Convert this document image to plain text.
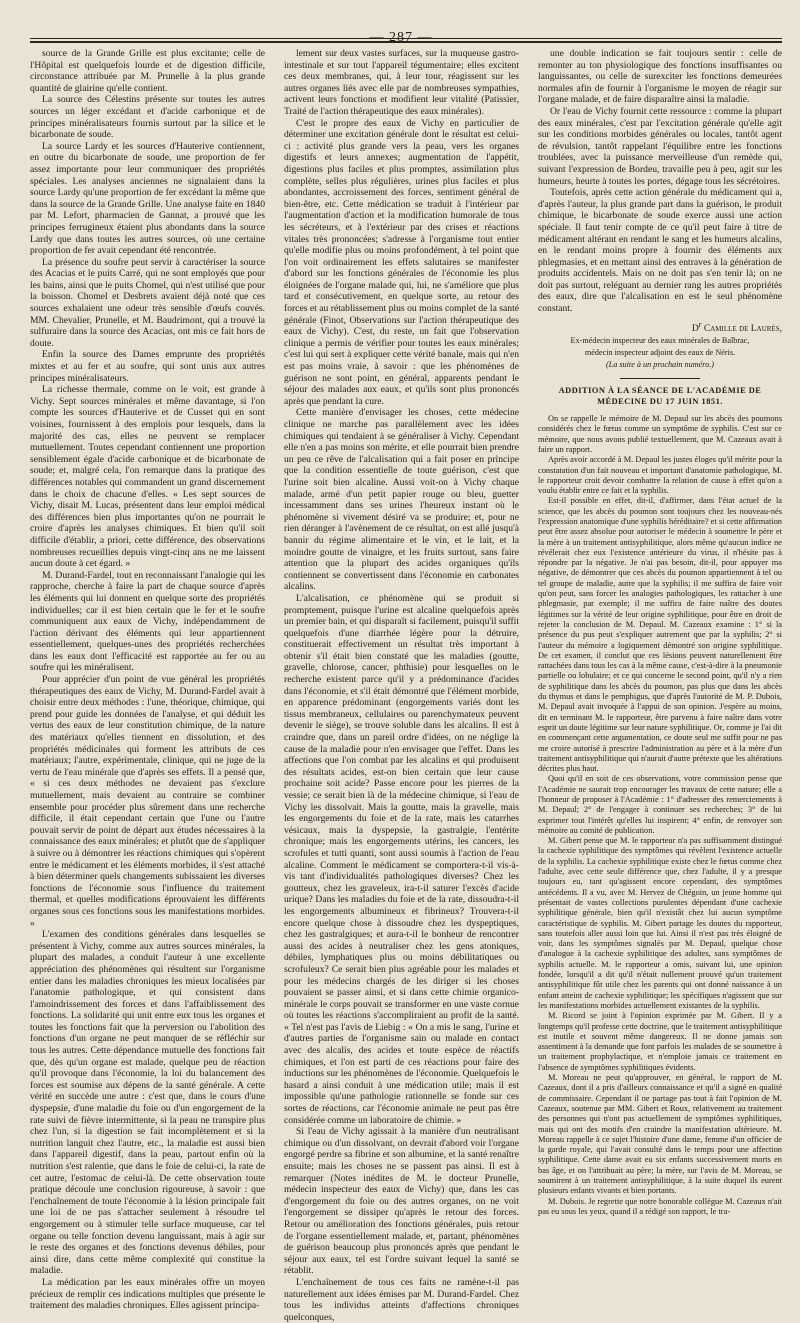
— 287 —

source de la Grande Grille est plus excitante; celle de l'Hôpital est quelquefois lourde et de digestion difficile, circonstance attribuée par M. Prunelle à la plus grande quantité de glairine qu'elle contient.

La source des Célestins présente sur toutes les autres sources un léger excédant et d'acide carbonique et de principes minéralisateurs fournis surtout par la silice et le bicarbonate de soude.

La source Lardy et les sources d'Hauterive contiennent, en outre du bicarbonate de soude, une proportion de fer assez importante pour leur communiquer des propriétés spéciales. Les analyses anciennes ne signalaient dans la source Lardy qu'une proportion de fer excédant la même que dans la source de la Grande Grille. Une analyse faite en 1840 par M. Lefort, pharmacien de Gannat, a prouvé que les principes ferrugineux étaient plus abondants dans la source Lardy que dans toutes les autres sources, où une certaine proportion de fer avait cependant été rencontrée.

La présence du soufre peut servir à caractériser la source des Acacias et le puits Carré, qui ne sont employés que pour les bains, ainsi que le puits Chomel, qui n'est utilisé que pour la boisson. Chomel et Desbrets avaient déjà noté que ces sources exhalaient une odeur très sensible d'œufs couvés. MM. Chevalier, Prunelle, et M. Baudrimont, qui a trouvé la sulfuraire dans la source des Acacias, ont mis ce fait hors de doute.

Enfin la source des Dames emprunte des propriétés mixtes et au fer et au soufre, qui sont unis aux autres principes minéralisateurs.

La richesse thermale, comme on le voit, est grande à Vichy. Sept sources minérales et même davantage, si l'on compte les sources d'Hauterive et de Cusset qui en sont voisines, fournissent à des emplois pour lesquels, dans la majorité des cas, elles ne peuvent se remplacer mutuellement. Toutes cependant contiennent une proportion sensiblement égale d'acide carbonique et de bicarbonate de soude; et, malgré cela, l'on remarque dans la pratique des différences notables qui commandent un grand discernement dans le choix de chacune d'elles. « Les sept sources de Vichy, disait M. Lucas, présentent dans leur emploi médical des différences bien plus importantes qu'on ne pourrait le croire d'après les analyses chimiques. Et bien qu'il soit difficile d'établir, a priori, cette différence, des observations nombreuses recueillies depuis vingt-cinq ans ne me laissent aucun doute à cet égard. »

M. Durand-Fardel, tout en reconnaissant l'analogie qui les rapproche, cherche à faire la part de chaque source d'après les éléments qui lui donnent en quelque sorte des propriétés individuelles; car il est bien certain que le fer et le soufre communiquent aux eaux de Vichy, indépendamment de l'action dérivant des éléments qui leur appartiennent essentiellement, quelques-unes des propriétés recherchées dans les eaux dont l'efficacité est rapportée au fer ou au soufre qui les minéralisent.

Pour apprécier d'un point de vue général les propriétés thérapeutiques des eaux de Vichy, M. Durand-Fardel avait à choisir entre deux méthodes : l'une, théorique, chimique, qui prend pour guide les données de l'analyse, et qui déduit les vertus des eaux de leur constitution chimique, de la nature des matériaux qu'elles tiennent en dissolution, et des propriétés médicinales qui forment les attributs de ces matériaux; l'autre, expérimentale, clinique, qui ne juge de la vertu de l'eau minérale que d'après ses effets. Il a pensé que, « si ces deux méthodes ne devaient pas s'exclure mutuellement, mais devaient au contraire se combiner ensemble pour procéder plus sûrement dans une recherche difficile, il était cependant certain que l'une ou l'autre pouvait servir de point de départ aux études nécessaires à la connaissance des eaux minérales; et plutôt que de s'appliquer à suivre ou à démontrer les réactions chimiques qui s'opèrent entre le médicament et les éléments morbides, il s'est attaché à bien déterminer quels changements subissaient les diverses fonctions de l'économie sous l'influence du traitement thermal, et quelles modifications éprouvaient les différents organes sous ces fonctions sous les manifestations morbides. »

L'examen des conditions générales dans lesquelles se présentent à Vichy, comme aux autres sources minérales, la plupart des malades, a conduit l'auteur à une excellente appréciation des phénomènes qui résultent sur l'organisme entier dans les maladies chroniques les mieux localisées par l'anatomie pathologique, et qui consistent dans l'amoindrissement des forces et dans l'affaiblissement des fonctions. La solidarité qui unit entre eux tous les organes et toutes les fonctions fait que la perversion ou l'abolition des fonctions d'un organe ne peut manquer de se réfléchir sur tous les autres. Cette dépendance mutuelle des fonctions fait que, dès qu'un organe est malade, quelque peu de réaction qu'il provoque dans l'économie, la loi du balancement des forces est soumise aux dépens de la santé générale. A cette vérité en succède une autre : c'est que, dans le cours d'une dyspepsie, d'une maladie du foie ou d'un engorgement de la rate suivi de fièvre intermittente, si la peau ne transpire plus chez l'un, si la digestion se fait incomplètement et si la nutrition languit chez l'autre, etc., la maladie est aussi bien dans l'appareil digestif, dans la peau, partout enfin où la nutrition s'est ralentie, que dans le foie de celui-ci, la rate de cet autre, l'estomac de celui-là. De cette observation toute pratique découle une conclusion rigoureuse, à savoir : que l'enchaînement de toute l'économie à la lésion principale fait une loi de ne pas s'attacher seulement à résoudre tel engorgement ou à stimuler telle surface muqueuse, car tel organe ou telle fonction devenu languissant, mais à agir sur le reste des organes et des fonctions devenus débiles, pour ainsi dire, dans cette même complexité qui constitue la maladie.

La médication par les eaux minérales offre un moyen précieux de remplir ces indications multiples que présente le traitement des maladies chroniques. Elles agissent principa-

lement sur deux vastes surfaces, sur la muqueuse gastro-intestinale et sur tout l'appareil tégumentaire; elles excitent ces deux membranes, qui, à leur tour, réagissent sur les autres organes liés avec elle par de nombreuses sympathies, activent leurs fonctions et modifient leur vitalité (Patissier, Traité de l'action thérapeutique des eaux minérales).

C'est le propre des eaux de Vichy en particulier de déterminer une excitation générale dont le résultat est celui-ci : activité plus grande vers la peau, vers les organes digestifs et leurs annexes; augmentation de l'appétit, digestions plus faciles et plus promptes, assimilation plus complète, selles plus régulières, urines plus faciles et plus abondantes, accroissement des forces, sentiment général de bien-être, etc. Cette médication se traduit à l'intérieur par l'augmentation d'action et la modification humorale de tous les sécréteurs, et à l'extérieur par des crises et réactions vitales très prononcées; s'adresse à l'organisme tout entier qu'elle modifie plus ou moins profondément, à tel point que l'on voit ordinairement les effets salutaires se manifester d'abord sur les fonctions générales de l'économie les plus éloignées de l'organe malade qui, lui, ne s'améliore que plus tard et consécutivement, en quelque sorte, au retour des forces et au rétablissement plus ou moins complet de la santé générale (Finot, Observations sur l'action thérapeutique des eaux de Vichy). C'est, du reste, un fait que l'observation clinique a permis de vérifier pour toutes les eaux minérales; c'est lui qui sert à expliquer cette vérité banale, mais qui n'en est pas moins vraie, à savoir : que les phénomènes de guérison ne sont point, en général, apparents pendant le séjour des malades aux eaux, et qu'ils sont plus prononcés après que pendant la cure.

Cette manière d'envisager les choses, cette médecine clinique ne marche pas parallèlement avec les idées chimiques qui tendaient à se généraliser à Vichy. Cependant elle n'en a pas moins son mérite, et elle pourrait bien prendre un peu ce rêve de l'alcalisation qui a fait poser en principe que la condition essentielle de toute guérison, c'est que l'urine soit bien alcaline. Aussi voit-on à Vichy chaque malade, armé d'un petit papier rouge ou bleu, guetter incessamment dans ses urines l'heureux instant où le phénomène si vivement désiré va se produire; et, pour ne rien déranger à l'avènement de ce résultat, on est allé jusqu'à bannir du régime alimentaire et le vin, et le lait, et la moindre goutte de vinaigre, et les fruits surtout, sans faire attention que la plupart des acides organiques qu'ils contiennent se convertissent dans l'économie en carbonates alcalins.

L'alcalisation, ce phénomène qui se produit si promptement, puisque l'urine est alcaline quelquefois après un premier bain, et qui disparaît si facilement, puisqu'il suffit quelquefois d'une diarrhée légère pour la détruire, constituerait effectivement un résultat très important à obtenir s'il était bien constaté que les maladies (goutte, gravelle, chlorose, cancer, phthisie) pour lesquelles on le recherche existent parce qu'il y a prédominance d'acides dans l'économie, et s'il était démontré que l'élément morbide, en apparence prédominant (engorgements variés dont les tissus membraneux, cellulaires ou parenchymateux peuvent devenir le siège), se trouve soluble dans les alcalins. Il est à craindre que, dans un pareil ordre d'idées, on ne néglige la cause de la maladie pour n'en envisager que l'effet. Dans les affections que l'on combat par les alcalins et qui produisent des résultats acides, est-on bien certain que leur cause prochaine soit acide? Passe encore pour les pierres de la vessie; ce serait bien là de la médecine chimique, si l'eau de Vichy les dissolvait. Mais la goutte, mais la gravelle, mais les engorgements du foie et de la rate, mais les catarrhes vésicaux, mais la dyspepsie, la gastralgie, l'entérite chronique; mais les engorgements utérins, les cancers, les scrofules et tutti quanti, sont aussi soumis à l'action de l'eau alcaline. Comment le médicament se comportera-t-il vis-à-vis tant d'individualités pathologiques diverses? Chez les goutteux, chez les graveleux, ira-t-il saturer l'excès d'acide urique? Dans les maladies du foie et de la rate, dissoudra-t-il les engorgements albumineux et fibrineux? Trouvera-t-il encore quelque chose à dissoudre chez les dyspeptiques, chez les gastralgiques; et aura-t-il le bonheur de rencontrer aussi des acides à neutraliser chez les gens atoniques, débiles, lymphatiques plus ou moins débilitatiques ou scrofuleux? Ce serait bien plus agréable pour les malades et pour les médecins chargés de les diriger si les choses pouvaient se passer ainsi, et si dans cette chimie organico-minérale le corps pouvait se transformer en une vaste cornue où toutes les réactions s'accompliraient au profit de la santé. « Tel n'est pas l'avis de Liebig : « On a mis le sang, l'urine et d'autres parties de l'organisme sain ou malade en contact avec des alcalis, des acides et toute espèce de réactifs chimiques, et l'on est parti de ces réactions pour faire des inductions sur les phénomènes de l'économie. Quelquefois le hasard a ainsi conduit à une médication utile; mais il est impossible qu'une pathologie rationnelle se fonde sur ces sortes de réactions, car l'économie animale ne peut pas être considérée comme un laboratoire de chimie. »

Si l'eau de Vichy agissait à la manière d'un neutralisant chimique ou d'un dissolvant, on devrait d'abord voir l'organe engorgé perdre sa fibrine et son albumine, et la santé renaître ensuite; mais les choses ne se passent pas ainsi. Il est à remarquer (Notes inédites de M. le docteur Prunelle, médecin inspecteur des eaux de Vichy) que, dans les cas d'engorgement du foie ou des autres organes, on ne voit l'engorgement se dissiper qu'après le retour des forces. Retour ou amélioration des fonctions générales, puis retour de l'organe essentiellement malade, et, partant, phénomènes de guérison beaucoup plus prononcés après que pendant le séjour aux eaux, tel est l'ordre suivant lequel la santé se rétablit.

L'enchaînement de tous ces faits ne ramène-t-il pas naturellement aux idées émises par M. Durand-Fardel. Chez tous les individus atteints d'affections chroniques quelconques,

une double indication se fait toujours sentir : celle de remonter au ton physiologique des fonctions insuffisantes ou languissantes, ou celle de surexciter les fonctions demeurées normales afin de fournir à l'organisme le moyen de réagir sur l'organe malade, et de faire disparaître ainsi la maladie.

Or l'eau de Vichy fournit cette ressource : comme la plupart des eaux minérales, c'est par l'excitation générale qu'elle agit sur les conditions morbides générales ou locales, tantôt agent de révulsion, tantôt rappelant l'équilibre entre les fonctions troublées, avec la puissance merveilleuse d'un remède qui, suivant l'expression de Bordeu, travaille peu à peu, agit sur les humeurs, heurte à toutes les portes, dégage tous les sécrétoires.

Toutefois, après cette action générale du médicament qui a, d'après l'auteur, la plus grande part dans la guérison, le produit chimique, le bicarbonate de soude exerce aussi une action spéciale. Il faut tenir compte de ce qu'il peut faire à titre de médicament altérant en rendant le sang et les humeurs alcalins, en le rendant moins propre à fournir des éléments aux phlegmasies, et en mettant ainsi des entraves à la génération de produits accidentels. Mais on ne doit pas s'en tenir là; on ne doit pas surtout, reléguant au dernier rang les autres propriétés des eaux, dire que l'alcalisation en est le seul phénomène constant.

$D^r$ Camille de Laurès,
Ex-médecin inspecteur des eaux minérales de Balbrac,
médecin inspecteur adjoint des eaux de Néris.
(La suite à un prochain numéro.)
ADDITION À LA SÉANCE DE L'ACADÉMIE DE MÉDECINE DU 17 JUIN 1851.

On se rappelle le mémoire de M. Depaul sur les abcès des poumons considérés chez le fœtus comme un symptôme de syphilis. C'est sur ce mémoire, que nous avons publié textuellement, que M. Cazeaux avait à faire un rapport.

Après avoir accordé à M. Depaul les justes éloges qu'il mérite pour la constatation d'un fait nouveau et important d'anatomie pathologique, M. le rapporteur croit devoir combattre la relation de cause à effet qu'on a voulu établir entre ce fait et la syphilis.

Est-il possible en effet, dit-il, d'affirmer, dans l'état actuel de la science, que les abcès du poumon sont toujours chez les nouveau-nés l'expression anatomique d'une syphilis héréditaire? et si cette affirmation peut être assez absolue pour autoriser le médecin à soumettre le père et la mère à un traitement antisyphilitique, alors même qu'aucun indice ne révélerait chez eux l'existence antérieure du virus, il n'hésite pas à répondre par la négative. Je n'ai pas besoin, dit-il, pour appuyer ma négative, de démontrer que ces abcès du poumon appartiennent à tel ou tel groupe de maladie, autre que la syphilis; il me suffira de faire voir qu'on peut, sans forcer les analogies pathologiques, les rattacher à une phlegmasie, par exemple; il me suffira de faire naître des doutes légitimes sur la vérité de leur origine syphilitique, pour être en droit de rejeter la conclusion de M. Depaul. M. Cazeaux examine : 1° si la présence du pus peut s'expliquer autrement que par la syphilis; 2° si l'auteur du mémoire a logiquement démontré son origine syphilitique. De cet examen, il conclut que ces lésions peuvent naturellement être rattachées dans tous les cas à la même cause, c'est-à-dire à la pneumonie partielle ou lobulaire; et ce qui concerne le second point, qu'il n'y a rien de syphilitique dans les abcès du poumon, pas plus que dans les abcès du thymus et dans le pemphigus, que d'après l'autorité de M. P. Dubois, M. Depaul avait invoquée à l'appui de son opinion. J'espère au moins, dit en terminant M. le rapporteur, être parvenu à faire naître dans votre esprit un doute légitime sur leur nature syphilitique. Or, comme je l'ai dit en commençant cette argumentation, ce doute seul me suffit pour ne pas me croire autorisé à prescrire l'administration au père et à la mère d'un traitement antisyphilitique qui n'aurait d'autre prétexte que les altérations décrites plus haut.

Quoi qu'il en soit de ces observations, votre commission pense que l'Académie ne saurait trop encourager les travaux de cette nature; elle a l'honneur de proposer à l'Académie : 1° d'adresser des remerciements à M. Depaul; 2° de l'engager à continuer ses recherches; 3° de lui exprimer tout l'intérêt qu'elles lui inspirent; 4° enfin, de renvoyer son mémoire au comité de publication.

M. Gibert pense que M. le rapporteur n'a pas suffisamment distingué la cachexie syphilitique des symptômes qui révèlent l'existence actuelle de la syphilis. La cachexie syphilitique existe chez le fœtus comme chez l'adulte, avec cette seule différence que, chez l'adulte, il y a presque toujours eu, tant qu'agissent encore cependant, des symptômes antécédents. Il a vu, avec M. Hervez de Chégoin, un jeune homme qui présentait de vastes collections purulentes dépendant d'une cachexie syphilitique générale, bien qu'il n'existât chez lui aucun symptôme caractéristique de syphilis. M. Gibert partage les doutes du rapporteur, sans toutefois aller aussi loin que lui. Ainsi il n'est pas très éloigné de voir, dans les symptômes signalés par M. Depaul, quelque chose d'analogue à la cachexie syphilitique des adultes, sans symptômes de syphilis actuelle. M. le rapporteur a omis, suivant lui, une opinion fondée, lorsqu'il a dit qu'il n'était nullement prouvé qu'un traitement antisyphilitique fût utile chez les parents qui ont donné naissance à un enfant atteint de cachexie syphilitique; les spécifiques n'agissent que sur les manifestations morbides actuellement existantes de la syphilis.

M. Ricord se joint à l'opinion exprimée par M. Gibert. Il y a longtemps qu'il professe cette doctrine, que le traitement antisyphilitique est inutile et souvent même dangereux. Il ne donne jamais son assentiment à la demande que font parfois les malades de se soumettre à un traitement prophylactique, et n'emploie jamais ce traitement en l'absence de symptômes syphilitiques évidents.

M. Moreau ne peut qu'approuver, en général, le rapport de M. Cazeaux, dont il a pris d'ailleurs connaissance et qu'il a signé en qualité de commissaire. Cependant il ne partage pas tout à fait l'opinion de M. Cazeaux, soutenue par MM. Gibert et Roux, relativement au traitement des personnes qui n'ont pas actuellement de symptômes syphilitiques, mais qui ont des motifs d'en craindre la manifestation ultérieure. M. Moreau rappelle à ce sujet l'histoire d'une dame, femme d'un officier de la garde royale, qui l'avait consulté dans le temps pour une affection syphilitique. Cette dame avait eu six enfants successivement morts en bas âge, et on l'attribuait au père; la mère, sur l'avis de M. Moreau, se soumirent à un traitement antisyphilitique, à la suite duquel ils eurent plusieurs enfants vivants et bien portants.

M. Dubois. Je regrette que notre honorable collègue M. Cazeaux n'ait pas eu sous les yeux, quand il a rédigé son rapport, le tra-
